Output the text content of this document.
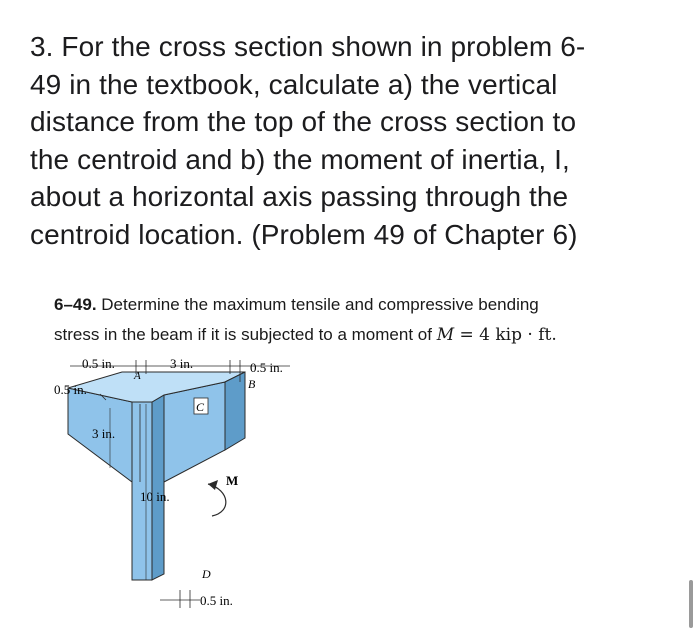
3. For the cross section shown in problem 6-
49 in the textbook, calculate a) the vertical
distance from the top of the cross section to
the centroid and b) the moment of inertia, I,
about a horizontal axis passing through the
centroid location. (Problem 49 of Chapter 6)
6–49. Determine the maximum tensile and compressive bending
stress in the beam if it is subjected to a moment of M = 4 kip · ft.
0.5 in.	3 in.	0.5 in.
A
B
0.5 in.
C
3 in.
M
10 in.
D
0.5 in.
